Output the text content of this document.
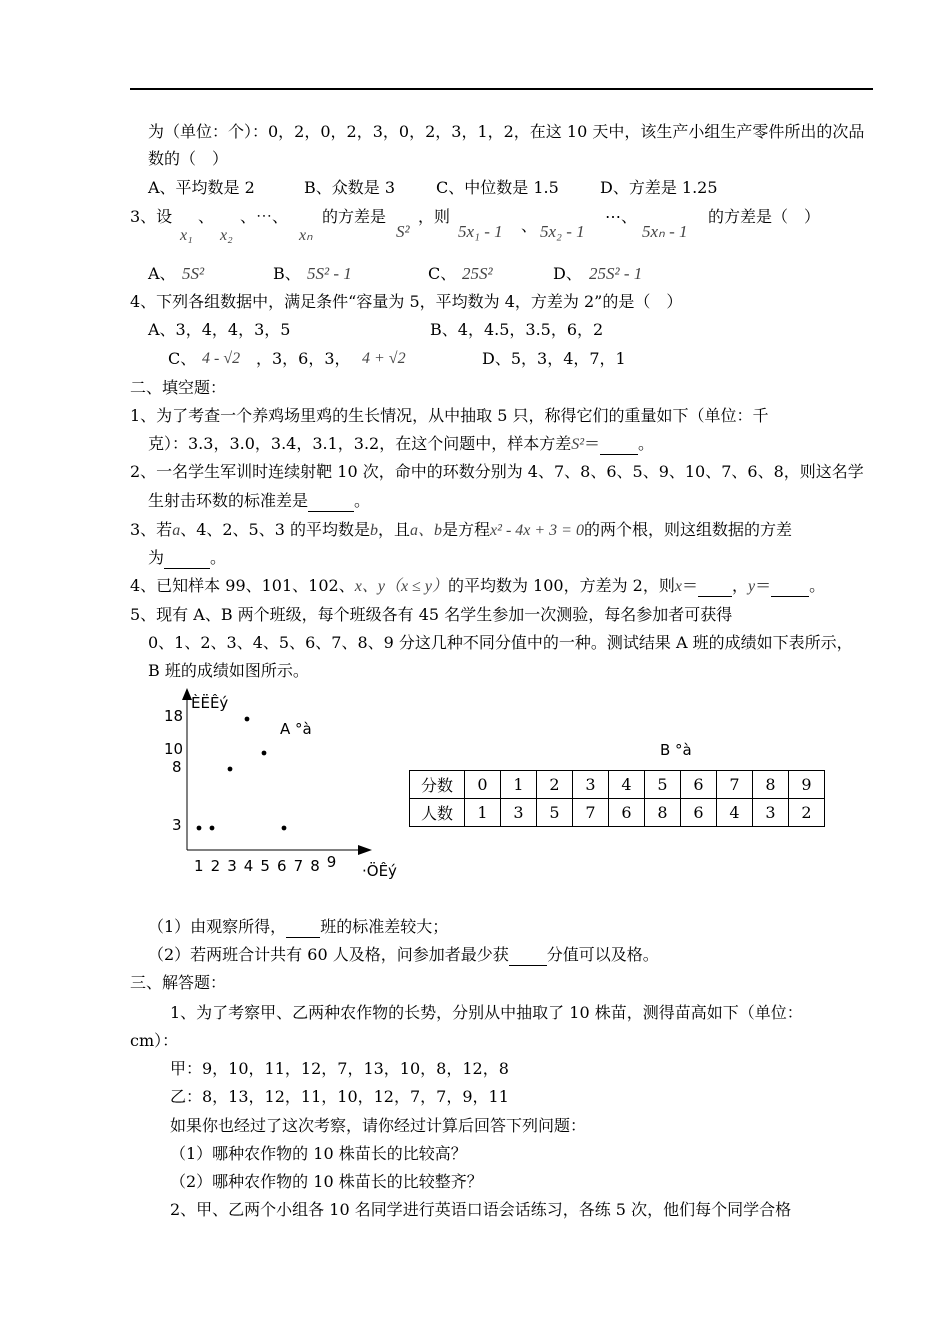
为（单位：个）：0，2，0，2，3，0，2，3，1，2，在这 10 天中，该生产小组生产零件所出的次品
数的（　）
A、平均数是 2	B、众数是 3	C、中位数是 1.5	D、方差是 1.25
3、设 、 、⋯、 的方差是 ，则	的方差是（　）
x₁ x₂	xₙ	S²	5x₁ - 1 、 5x₂ - 1
⋯、
5xₙ - 1
A、 5S²	B、 5S² - 1	C、 25S²	D、 25S² - 1
4、下列各组数据中，满足条件“容量为 5，平均数为 4，方差为 2”的是（　）
A、3，4，4，3，5	B、4，4.5，3.5，6，2
C、 4 - √2 ，3，6，3， 4 + √2	D、5，3，4，7，1
二、填空题：
1、为了考查一个养鸡场里鸡的生长情况，从中抽取 5 只，称得它们的重量如下（单位：千
克）：3.3，3.0，3.4，3.1，3.2，在这个问题中，样本方差S²＝ 。
2、一名学生军训时连续射靶 10 次，命中的环数分别为 4、7、8、6、5、9、10、7、6、8，则这名学
生射击环数的标准差是	。
3、若a、4、2、5、3 的平均数是b，且a、b是方程x² - 4x + 3 = 0的两个根，则这组数据的方差
为	。
4、已知样本 99、101、102、x、y（x ≤ y）的平均数为 100，方差为 2，则x＝ ，y＝ 。
5、现有 A、B 两个班级，每个班级各有 45 名学生参加一次测验，每名参加者可获得
0、1、2、3、4、5、6、7、8、9 分这几种不同分值中的一种。测试结果 A 班的成绩如下表所示，
B 班的成绩如图所示。
ÈËÊý
·ÖÊý
A °à
1 2 3 4 5 6 7 8 9
3
8
10
18
B °à
分数	0	1	2	3	4	5	6	7	8	9
人数	1	3	5	7	6	8	6	4	3	2
（1）由观察所得， 班的标准差较大；
（2）若两班合计共有 60 人及格，问参加者最少获 分值可以及格。
三、解答题：
1、为了考察甲、乙两种农作物的长势，分别从中抽取了 10 株苗，测得苗高如下（单位：
cm）：
甲：9，10，11，12，7，13，10，8，12，8
乙：8，13，12，11，10，12，7，7，9，11
如果你也经过了这次考察，请你经过计算后回答下列问题：
（1）哪种农作物的 10 株苗长的比较高？
（2）哪种农作物的 10 株苗长的比较整齐？
2、甲、乙两个小组各 10 名同学进行英语口语会话练习，各练 5 次，他们每个同学合格
